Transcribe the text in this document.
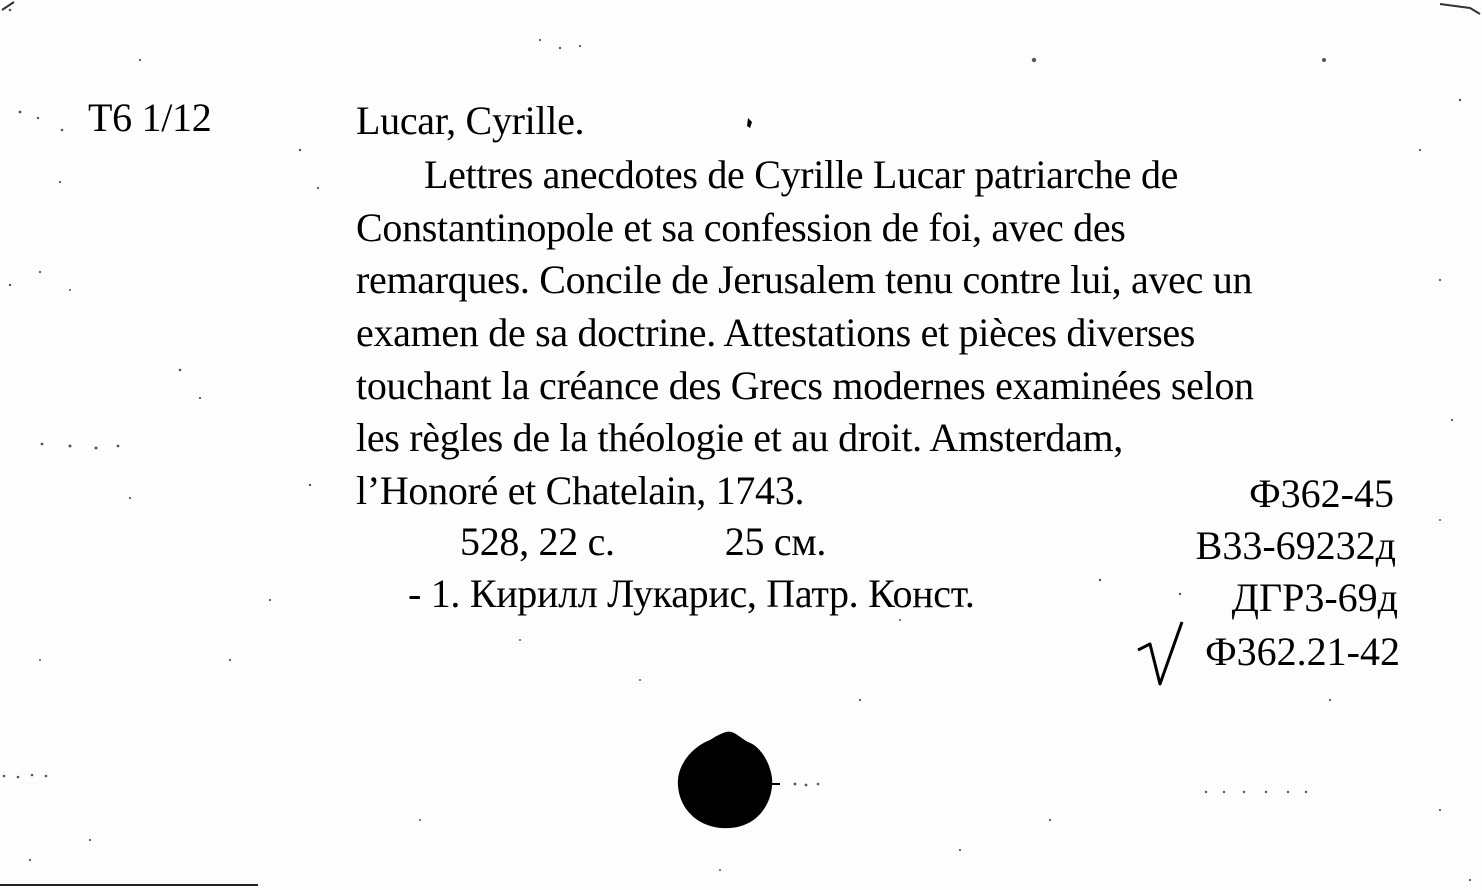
T6 1/12	Lucar, Cyrille.
Lettres anecdotes de Cyrille Lucar patriarche de
Constantinopole et sa confession de foi, avec des
remarques. Concile de Jerusalem tenu contre lui, avec un
examen de sa doctrine. Attestations et pièces diverses
touchant la créance des Grecs modernes examinées selon
les règles de la théologie et au droit. Amsterdam,
l’Honoré et Chatelain, 1743.
528, 22 с.	25 см.
- 1. Кирилл Лукарис, Патр. Конст.
Ф362-45
В33-69232д
ДГР3-69д
Ф362.21-42
